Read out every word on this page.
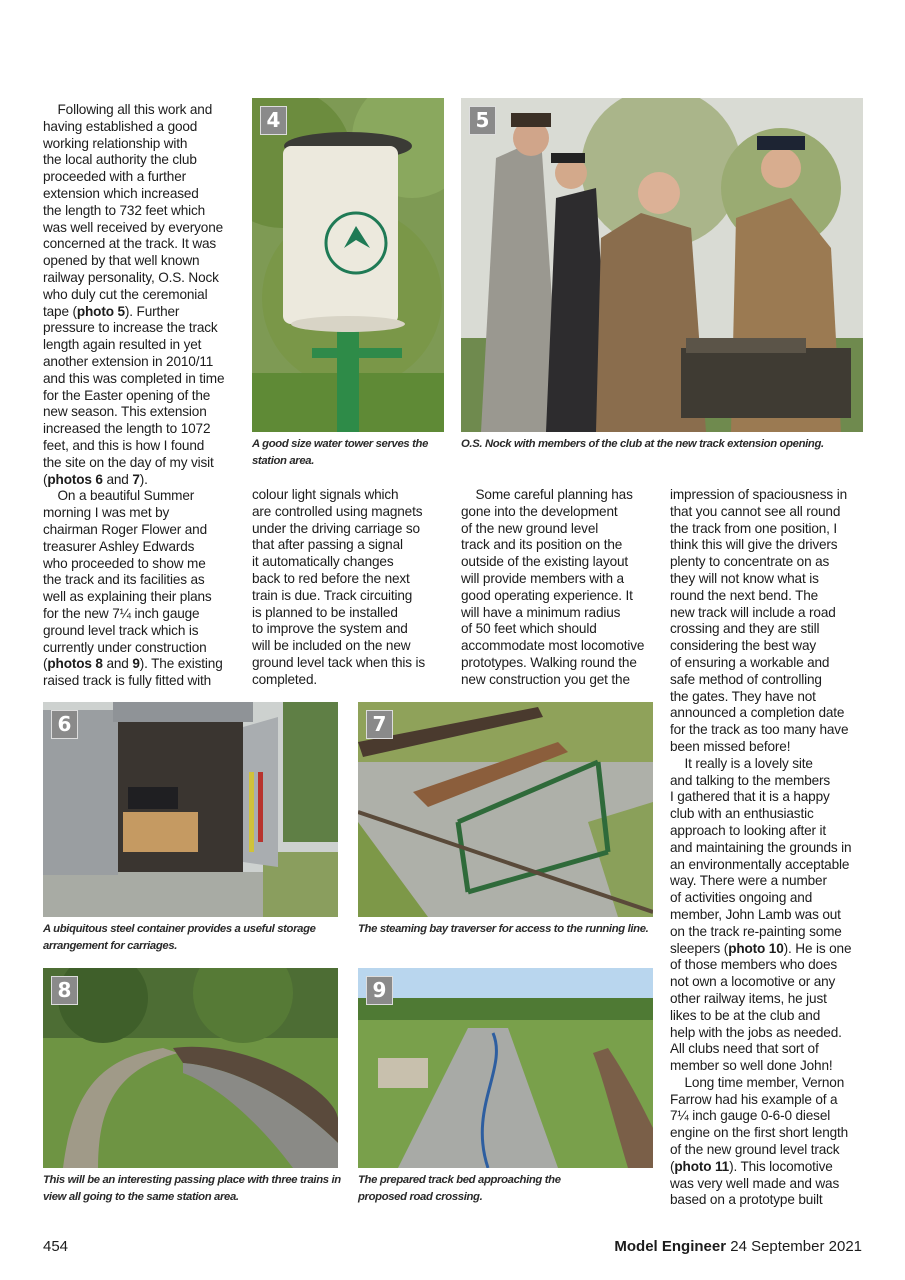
Following all this work and
having established a good
working relationship with
the local authority the club
proceeded with a further
extension which increased
the length to 732 feet which
was well received by everyone
concerned at the track. It was
opened by that well known
railway personality, O.S. Nock
who duly cut the ceremonial
tape (photo 5). Further
pressure to increase the track
length again resulted in yet
another extension in 2010/11
and this was completed in time
for the Easter opening of the
new season. This extension
increased the length to 1072
feet, and this is how I found
the site on the day of my visit
(photos 6 and 7).
On a beautiful Summer
morning I was met by
chairman Roger Flower and
treasurer Ashley Edwards
who proceeded to show me
the track and its facilities as
well as explaining their plans
for the new 7¼ inch gauge
ground level track which is
currently under construction
(photos 8 and 9). The existing
raised track is fully fitted with
colour light signals which
are controlled using magnets
under the driving carriage so
that after passing a signal
it automatically changes
back to red before the next
train is due. Track circuiting
is planned to be installed
to improve the system and
will be included on the new
ground level tack when this is
completed.
Some careful planning has
gone into the development
of the new ground level
track and its position on the
outside of the existing layout
will provide members with a
good operating experience. It
will have a minimum radius
of 50 feet which should
accommodate most locomotive
prototypes. Walking round the
new construction you get the
impression of spaciousness in
that you cannot see all round
the track from one position, I
think this will give the drivers
plenty to concentrate on as
they will not know what is
round the next bend. The
new track will include a road
crossing and they are still
considering the best way
of ensuring a workable and
safe method of controlling
the gates. They have not
announced a completion date
for the track as too many have
been missed before!
It really is a lovely site
and talking to the members
I gathered that it is a happy
club with an enthusiastic
approach to looking after it
and maintaining the grounds in
an environmentally acceptable
way. There were a number
of activities ongoing and
member, John Lamb was out
on the track re-painting some
sleepers (photo 10). He is one
of those members who does
not own a locomotive or any
other railway items, he just
likes to be at the club and
help with the jobs as needed.
All clubs need that sort of
member so well done John!
Long time member, Vernon
Farrow had his example of a
7¼ inch gauge 0-6-0 diesel
engine on the first short length
of the new ground level track
(photo 11). This locomotive
was very well made and was
based on a prototype built
4
A good size water tower serves the
station area.
5
O.S. Nock with members of the club at the new track extension opening.
6
A ubiquitous steel container provides a useful storage
arrangement for carriages.
7
The steaming bay traverser for access to the running line.
8
This will be an interesting passing place with three trains in
view all going to the same station area.
9
The prepared track bed approaching the
proposed road crossing.
454	Model Engineer 24 September 2021
